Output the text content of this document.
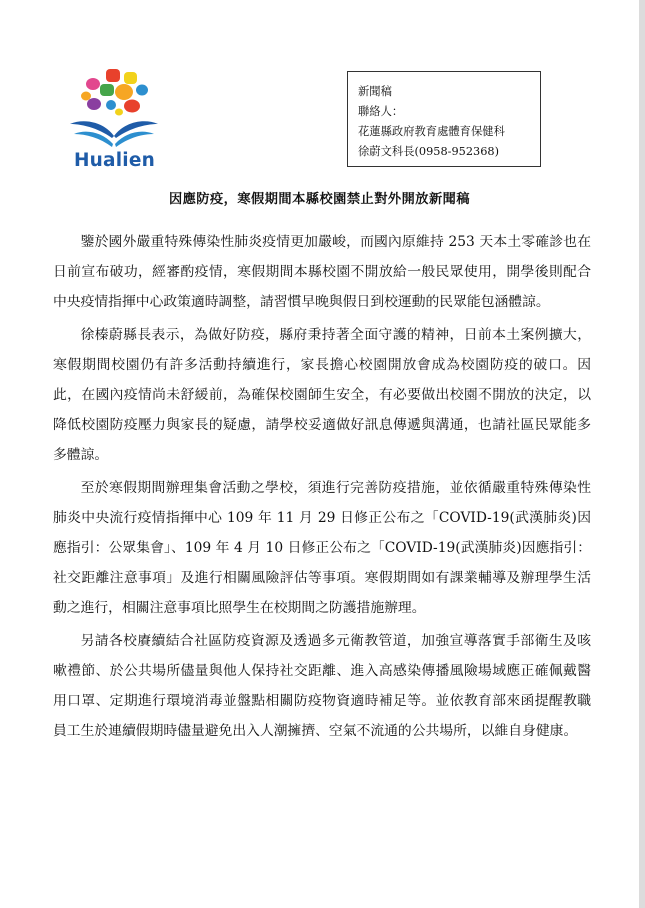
Hualien
新聞稿
聯絡人：
花蓮縣政府教育處體育保健科
徐蔚文科長(0958-952368)
因應防疫，寒假期間本縣校園禁止對外開放新聞稿

鑒於國外嚴重特殊傳染性肺炎疫情更加嚴峻，而國內原維持 253 天本土零確診也在日前宣布破功，經審酌疫情，寒假期間本縣校園不開放給一般民眾使用，開學後則配合中央疫情指揮中心政策適時調整，請習慣早晚與假日到校運動的民眾能包涵體諒。

徐榛蔚縣長表示，為做好防疫，縣府秉持著全面守護的精神，日前本土案例擴大，寒假期間校園仍有許多活動持續進行，家長擔心校園開放會成為校園防疫的破口。因此，在國內疫情尚未舒緩前，為確保校園師生安全，有必要做出校園不開放的決定，以降低校園防疫壓力與家長的疑慮，請學校妥適做好訊息傳遞與溝通，也請社區民眾能多多體諒。

至於寒假期間辦理集會活動之學校，須進行完善防疫措施，並依循嚴重特殊傳染性肺炎中央流行疫情指揮中心 109 年 11 月 29 日修正公布之「COVID-19(武漢肺炎)因應指引：公眾集會」、109 年 4 月 10 日修正公布之「COVID-19(武漢肺炎)因應指引：社交距離注意事項」及進行相關風險評估等事項。寒假期間如有課業輔導及辦理學生活動之進行，相關注意事項比照學生在校期間之防護措施辦理。

另請各校賡續結合社區防疫資源及透過多元衛教管道，加強宣導落實手部衛生及咳嗽禮節、於公共場所儘量與他人保持社交距離、進入高感染傳播風險場域應正確佩戴醫用口罩、定期進行環境消毒並盤點相關防疫物資適時補足等。並依教育部來函提醒教職員工生於連續假期時儘量避免出入人潮擁擠、空氣不流通的公共場所，以維自身健康。
